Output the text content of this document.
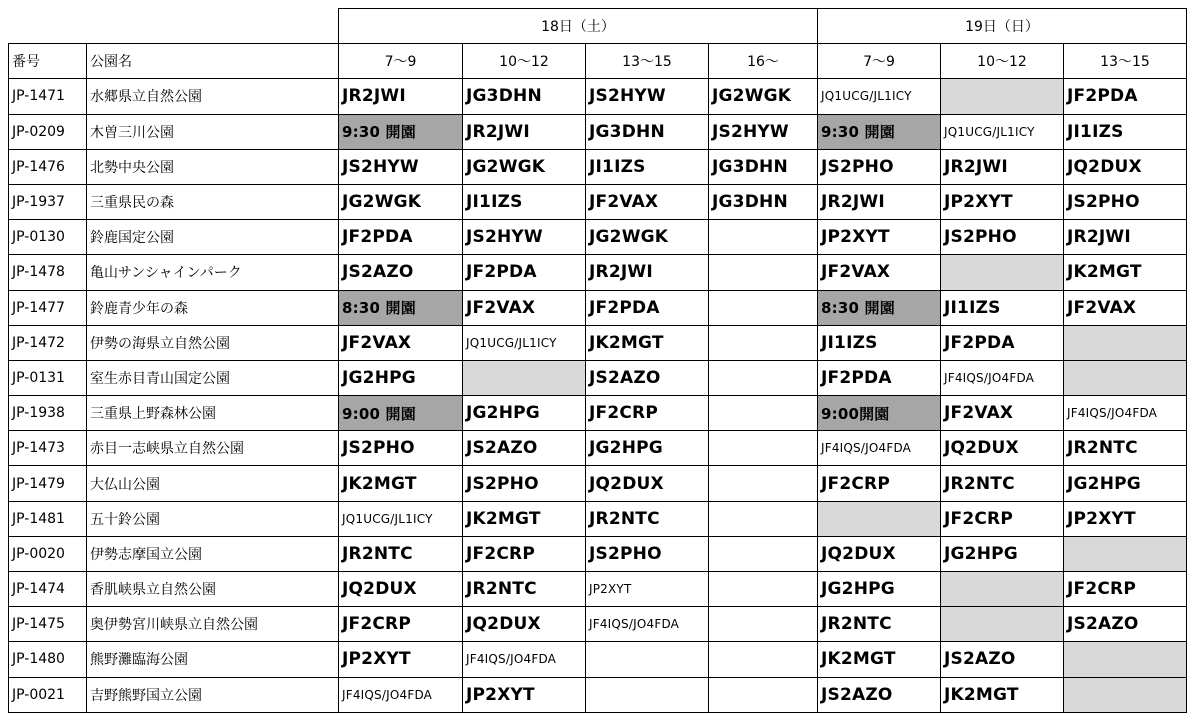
		18日（土）				19日（日）		
番号	公園名	7〜9	10〜12	13〜15	16〜	7〜9	10〜12	13〜15
JP-1471	水郷県立自然公園	JR2JWI	JG3DHN	JS2HYW	JG2WGK	JQ1UCG/JL1ICY		JF2PDA
JP-0209	木曽三川公園	9:30 開園	JR2JWI	JG3DHN	JS2HYW	9:30 開園	JQ1UCG/JL1ICY	JI1IZS
JP-1476	北勢中央公園	JS2HYW	JG2WGK	JI1IZS	JG3DHN	JS2PHO	JR2JWI	JQ2DUX
JP-1937	三重県民の森	JG2WGK	JI1IZS	JF2VAX	JG3DHN	JR2JWI	JP2XYT	JS2PHO
JP-0130	鈴鹿国定公園	JF2PDA	JS2HYW	JG2WGK		JP2XYT	JS2PHO	JR2JWI
JP-1478	亀山サンシャインパーク	JS2AZO	JF2PDA	JR2JWI		JF2VAX		JK2MGT
JP-1477	鈴鹿青少年の森	8:30 開園	JF2VAX	JF2PDA		8:30 開園	JI1IZS	JF2VAX
JP-1472	伊勢の海県立自然公園	JF2VAX	JQ1UCG/JL1ICY	JK2MGT		JI1IZS	JF2PDA	
JP-0131	室生赤目青山国定公園	JG2HPG		JS2AZO		JF2PDA	JF4IQS/JO4FDA	
JP-1938	三重県上野森林公園	9:00 開園	JG2HPG	JF2CRP		9:00開園	JF2VAX	JF4IQS/JO4FDA
JP-1473	赤目一志峡県立自然公園	JS2PHO	JS2AZO	JG2HPG		JF4IQS/JO4FDA	JQ2DUX	JR2NTC
JP-1479	大仏山公園	JK2MGT	JS2PHO	JQ2DUX		JF2CRP	JR2NTC	JG2HPG
JP-1481	五十鈴公園	JQ1UCG/JL1ICY	JK2MGT	JR2NTC			JF2CRP	JP2XYT
JP-0020	伊勢志摩国立公園	JR2NTC	JF2CRP	JS2PHO		JQ2DUX	JG2HPG	
JP-1474	香肌峡県立自然公園	JQ2DUX	JR2NTC	JP2XYT		JG2HPG		JF2CRP
JP-1475	奥伊勢宮川峡県立自然公園	JF2CRP	JQ2DUX	JF4IQS/JO4FDA		JR2NTC		JS2AZO
JP-1480	熊野灘臨海公園	JP2XYT	JF4IQS/JO4FDA			JK2MGT	JS2AZO	
JP-0021	吉野熊野国立公園	JF4IQS/JO4FDA	JP2XYT			JS2AZO	JK2MGT	
